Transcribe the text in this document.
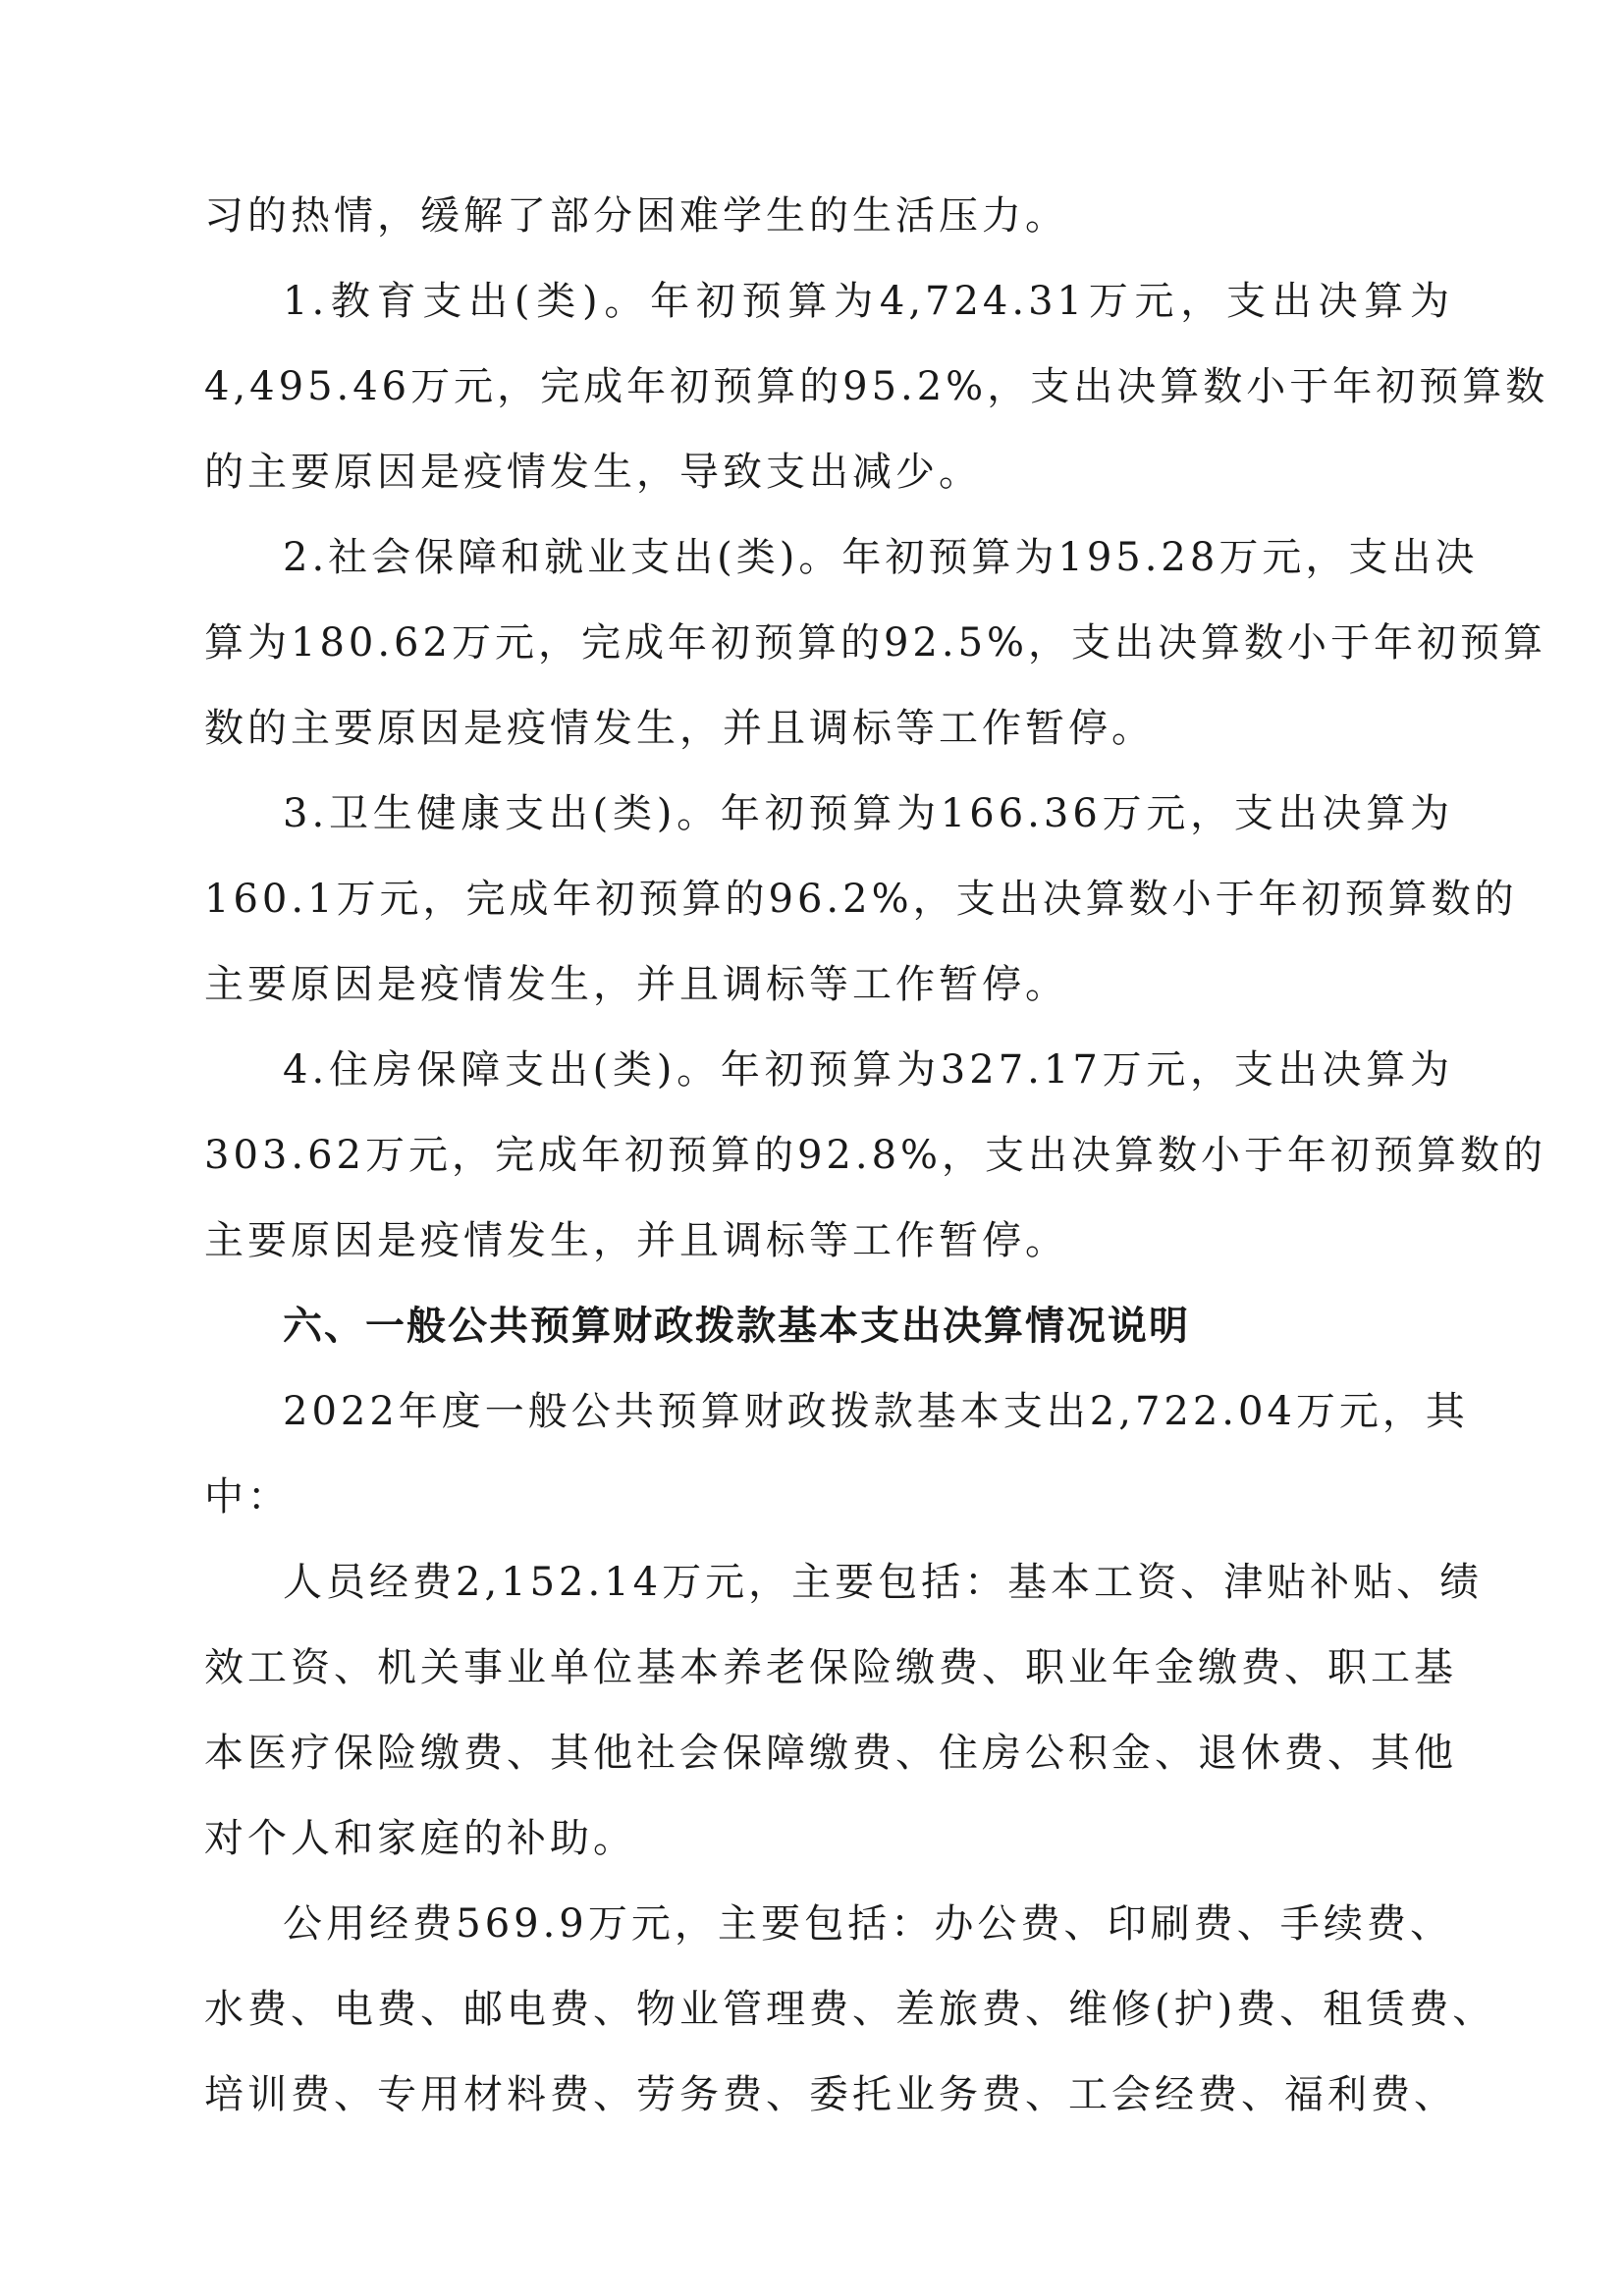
习的热情，缓解了部分困难学生的生活压力。
1.教育支出(类)。年初预算为4,724.31万元，支出决算为
4,495.46万元，完成年初预算的95.2%，支出决算数小于年初预算数
的主要原因是疫情发生，导致支出减少。
2.社会保障和就业支出(类)。年初预算为195.28万元，支出决
算为180.62万元，完成年初预算的92.5%，支出决算数小于年初预算
数的主要原因是疫情发生，并且调标等工作暂停。
3.卫生健康支出(类)。年初预算为166.36万元，支出决算为
160.1万元，完成年初预算的96.2%，支出决算数小于年初预算数的
主要原因是疫情发生，并且调标等工作暂停。
4.住房保障支出(类)。年初预算为327.17万元，支出决算为
303.62万元，完成年初预算的92.8%，支出决算数小于年初预算数的
主要原因是疫情发生，并且调标等工作暂停。
六、一般公共预算财政拨款基本支出决算情况说明
2022年度一般公共预算财政拨款基本支出2,722.04万元，其
中：
人员经费2,152.14万元，主要包括：基本工资、津贴补贴、绩
效工资、机关事业单位基本养老保险缴费、职业年金缴费、职工基
本医疗保险缴费、其他社会保障缴费、住房公积金、退休费、其他
对个人和家庭的补助。
公用经费569.9万元，主要包括：办公费、印刷费、手续费、
水费、电费、邮电费、物业管理费、差旅费、维修(护)费、租赁费、
培训费、专用材料费、劳务费、委托业务费、工会经费、福利费、
